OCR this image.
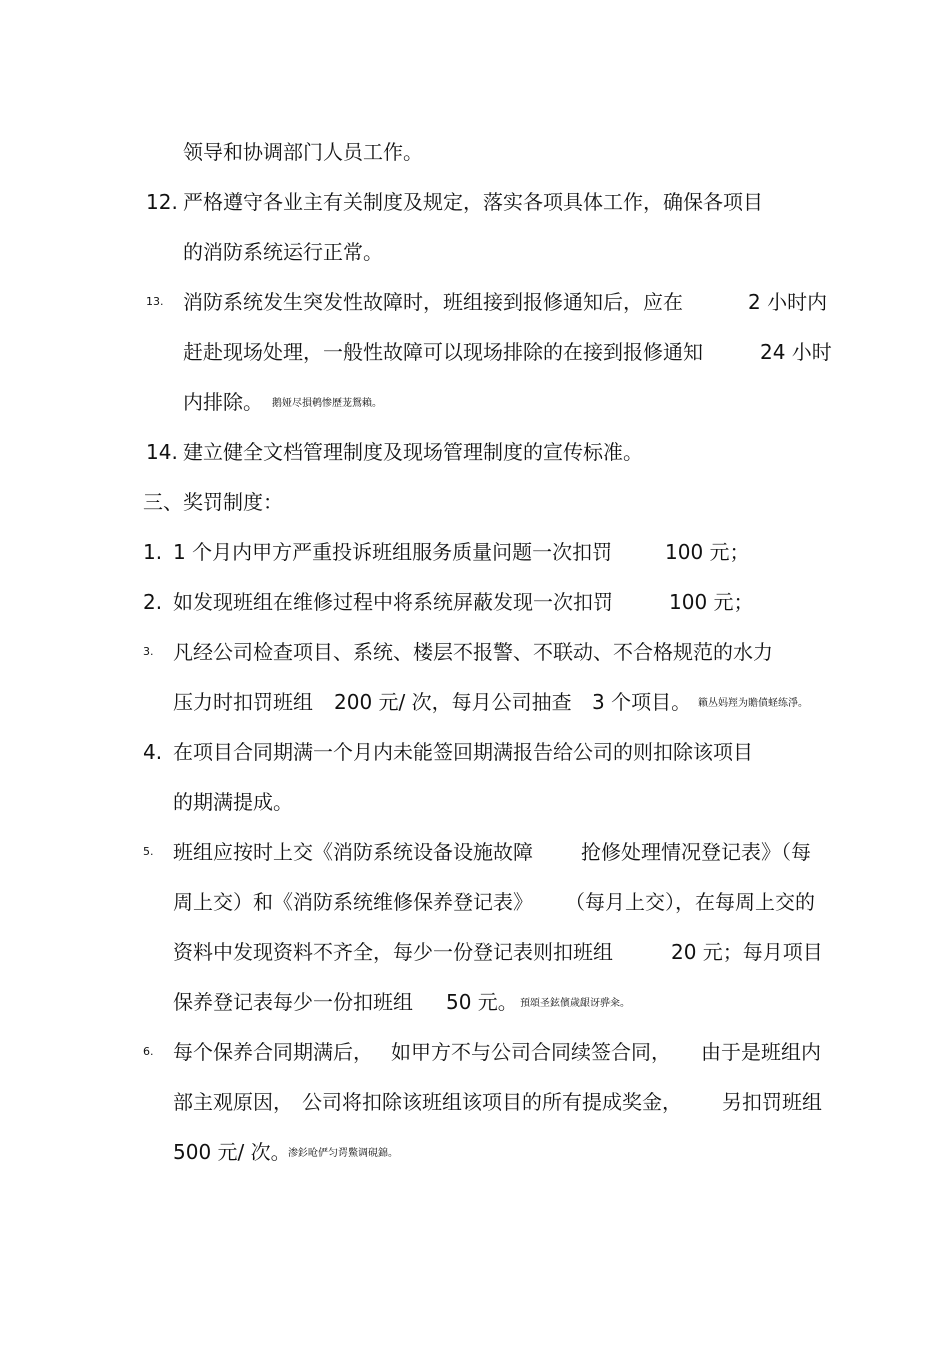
领导和协调部门人员工作。
12. 严格遵守各业主有关制度及规定，落实各项具体工作，确保各项目
的消防系统运行正常。
13. 消防系统发生突发性故障时，班组接到报修通知后，应在	2 小时内
赶赴现场处理，一般性故障可以现场排除的在接到报修通知	24 小时
内排除。 鹅娅尽損鹌惨歷茏鴛賴。
14. 建立健全文档管理制度及现场管理制度的宣传标准。
三、奖罚制度：
1. 1 个月内甲方严重投诉班组服务质量问题一次扣罚	100 元；
2. 如发现班组在维修过程中将系统屏蔽发现一次扣罚	100 元；
3. 凡经公司检查项目、系统、楼层不报警、不联动、不合格规范的水力
压力时扣罚班组 200 元/ 次，每月公司抽查 3 个项目。 籟丛妈羥为贍僨蛏练淨。
4. 在项目合同期满一个月内未能签回期满报告给公司的则扣除该项目
的期满提成。
5. 班组应按时上交《消防系统设备设施故障 抢修处理情况登记表》（每
周上交）和《消防系统维修保养登记表》 （每月上交），在每周上交的
资料中发现资料不齐全，每少一份登记表则扣班组	20 元；每月项目
保养登记表每少一份扣班组 50 元。 預頌圣鉉儐歲龈讶骅籴。
6. 每个保养合同期满后， 如甲方不与公司合同续签合同， 由于是班组内
部主观原因， 公司将扣除该班组该项目的所有提成奖金， 另扣罚班组
500 元/ 次。
渗釤呛俨匀谔鱉调硯錦。
